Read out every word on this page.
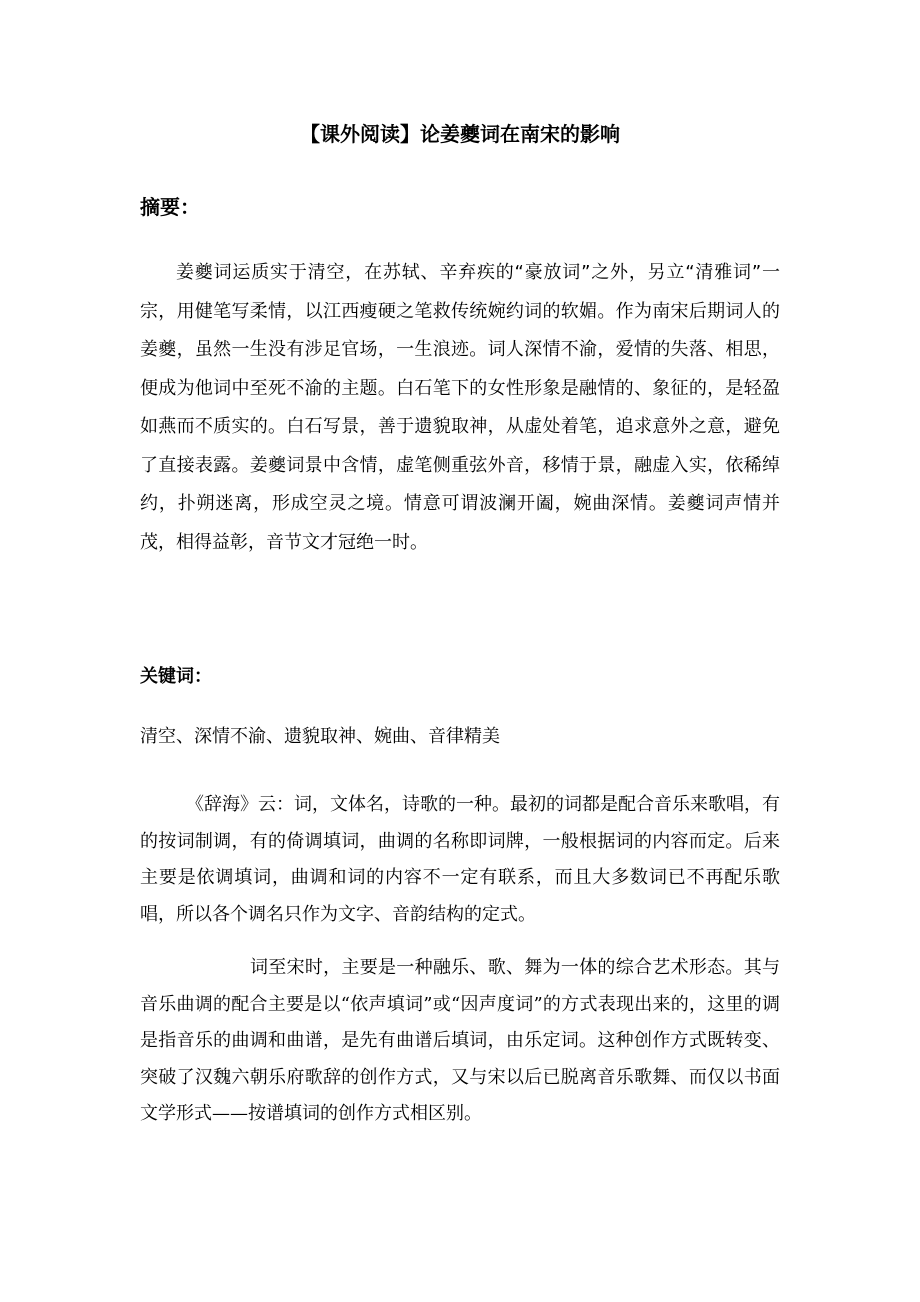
【课外阅读】论姜夔词在南宋的影响
摘要：

姜夔词运质实于清空，在苏轼、辛弃疾的“豪放词”之外，另立“清雅词”一宗，用健笔写柔情，以江西瘦硬之笔救传统婉约词的软媚。作为南宋后期词人的姜夔，虽然一生没有涉足官场，一生浪迹。词人深情不渝，爱情的失落、相思，便成为他词中至死不渝的主题。白石笔下的女性形象是融情的、象征的，是轻盈如燕而不质实的。白石写景，善于遗貌取神，从虚处着笔，追求意外之意，避免了直接表露。姜夔词景中含情，虚笔侧重弦外音，移情于景，融虚入实，依稀绰约，扑朔迷离，形成空灵之境。情意可谓波澜开阖，婉曲深情。姜夔词声情并茂，相得益彰，音节文才冠绝一时。

关键词：
清空、深情不渝、遗貌取神、婉曲、音律精美

《辞海》云：词，文体名，诗歌的一种。最初的词都是配合音乐来歌唱，有的按词制调，有的倚调填词，曲调的名称即词牌，一般根据词的内容而定。后来主要是依调填词，曲调和词的内容不一定有联系，而且大多数词已不再配乐歌唱，所以各个调名只作为文字、音韵结构的定式。

词至宋时，主要是一种融乐、歌、舞为一体的综合艺术形态。其与音乐曲调的配合主要是以“依声填词”或“因声度词”的方式表现出来的，这里的调是指音乐的曲调和曲谱，是先有曲谱后填词，由乐定词。这种创作方式既转变、突破了汉魏六朝乐府歌辞的创作方式，又与宋以后已脱离音乐歌舞、而仅以书面文学形式——按谱填词的创作方式相区别。
